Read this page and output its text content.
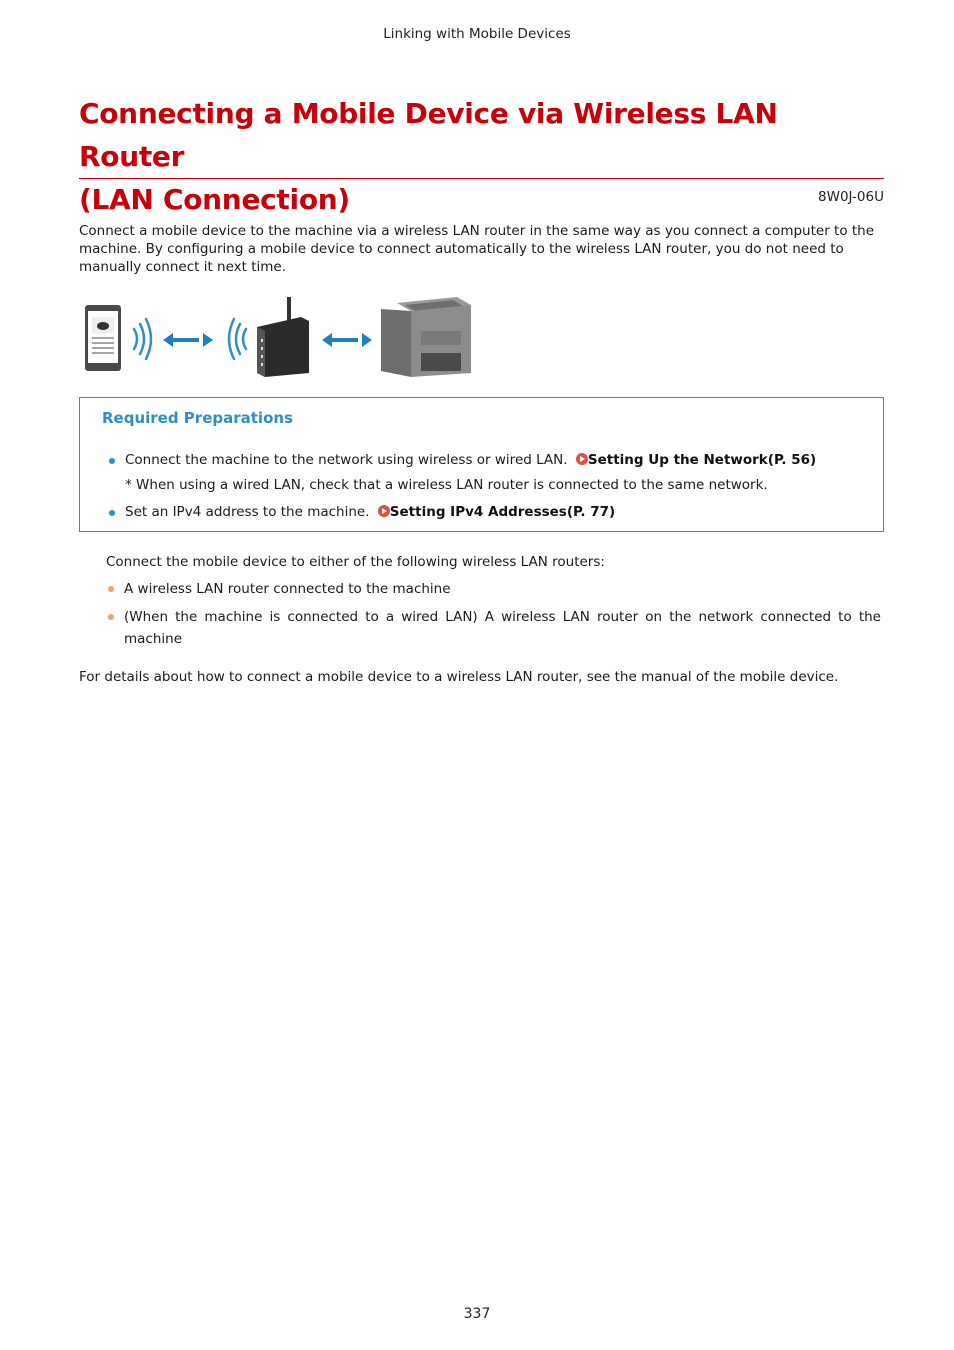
Linking with Mobile Devices
Connecting a Mobile Device via Wireless LAN Router
(LAN Connection)	8W0J-06U
Connect a mobile device to the machine via a wireless LAN router in the same way as you connect a computer to the
machine. By configuring a mobile device to connect automatically to the wireless LAN router, you do not need to
manually connect it next time.
Required Preparations
Connect the machine to the network using wireless or wired LAN. Setting Up the Network(P. 56)
* When using a wired LAN, check that a wireless LAN router is connected to the same network.
Set an IPv4 address to the machine. Setting IPv4 Addresses(P. 77)
Connect the mobile device to either of the following wireless LAN routers:
A wireless LAN router connected to the machine
(When the machine is connected to a wired LAN) A wireless LAN router on the network connected to the
machine
For details about how to connect a mobile device to a wireless LAN router, see the manual of the mobile device.
337
